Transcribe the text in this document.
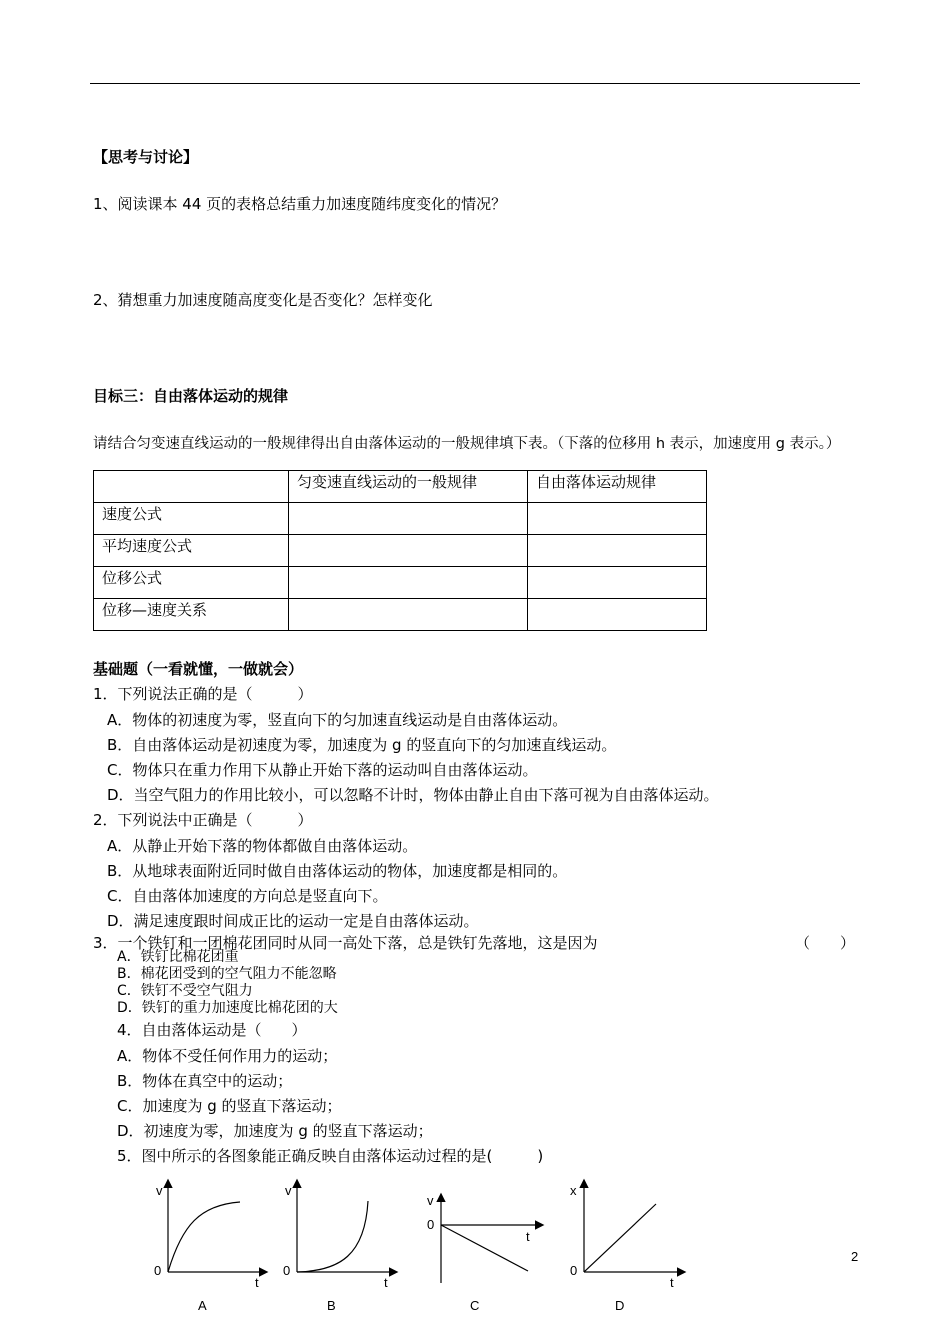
【思考与讨论】
1、阅读课本 44 页的表格总结重力加速度随纬度变化的情况？
2、猜想重力加速度随高度变化是否变化？怎样变化
目标三：自由落体运动的规律
请结合匀变速直线运动的一般规律得出自由落体运动的一般规律填下表。（下落的位移用 h 表示，加速度用 g 表示。）
	匀变速直线运动的一般规律	自由落体运动规律
速度公式		
平均速度公式		
位移公式		
位移—速度关系		
基础题（一看就懂，一做就会）
1．下列说法正确的是（　　　）
A．物体的初速度为零，竖直向下的匀加速直线运动是自由落体运动。
B．自由落体运动是初速度为零，加速度为 g 的竖直向下的匀加速直线运动。
C．物体只在重力作用下从静止开始下落的运动叫自由落体运动。
D．当空气阻力的作用比较小，可以忽略不计时，物体由静止自由下落可视为自由落体运动。
2．下列说法中正确是（　　　）
A．从静止开始下落的物体都做自由落体运动。
B．从地球表面附近同时做自由落体运动的物体，加速度都是相同的。
C．自由落体加速度的方向总是竖直向下。
D．满足速度跟时间成正比的运动一定是自由落体运动。
3．一个铁钉和一团棉花团同时从同一高处下落，总是铁钉先落地，这是因为	（　　）
A．铁钉比棉花团重
B．棉花团受到的空气阻力不能忽略
C．铁钉不受空气阻力
D．铁钉的重力加速度比棉花团的大
4．自由落体运动是（　　）
A．物体不受任何作用力的运动；
B．物体在真空中的运动；
C．加速度为 g 的竖直下落运动；
D．初速度为零，加速度为 g 的竖直下落运动；
5．图中所示的各图象能正确反映自由落体运动过程的是(　　　)
v
0
t
A
v
0
t
B
v
0
t
C
x
0
t
D
2
